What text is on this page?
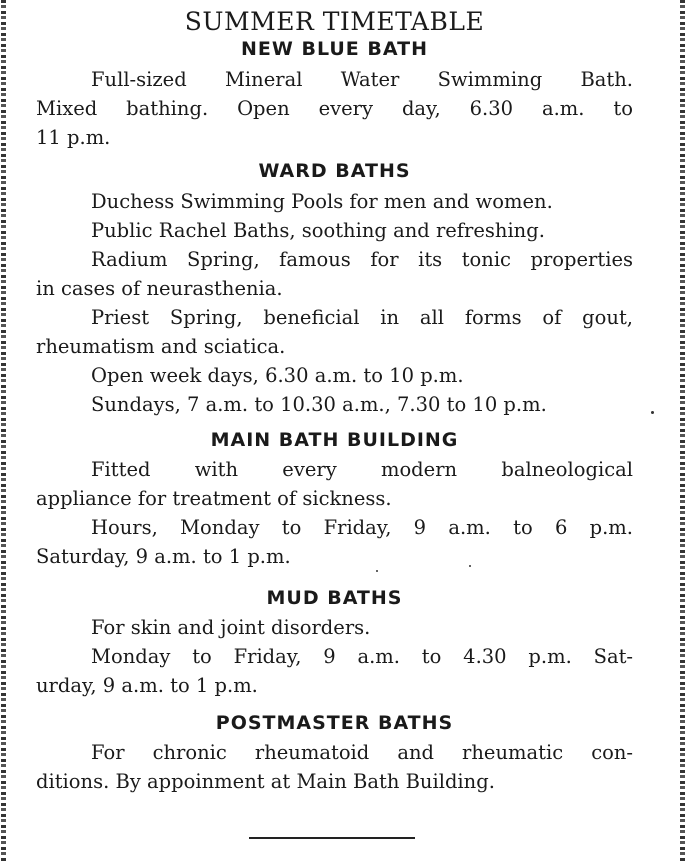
SUMMER TIMETABLE
NEW BLUE BATH
Full-sized Mineral Water Swimming Bath.
Mixed bathing. Open every day, 6.30 a.m. to
11 p.m.
WARD BATHS
Duchess Swimming Pools for men and women.
Public Rachel Baths, soothing and refreshing.
Radium Spring, famous for its tonic properties
in cases of neurasthenia.
Priest Spring, beneficial in all forms of gout,
rheumatism and sciatica.
Open week days, 6.30 a.m. to 10 p.m.
Sundays, 7 a.m. to 10.30 a.m., 7.30 to 10 p.m.
MAIN BATH BUILDING
Fitted with every modern balneological
appliance for treatment of sickness.
Hours, Monday to Friday, 9 a.m. to 6 p.m.
Saturday, 9 a.m. to 1 p.m.
MUD BATHS
For skin and joint disorders.
Monday to Friday, 9 a.m. to 4.30 p.m. Sat-
urday, 9 a.m. to 1 p.m.
POSTMASTER BATHS
For chronic rheumatoid and rheumatic con-
ditions. By appoinment at Main Bath Building.
